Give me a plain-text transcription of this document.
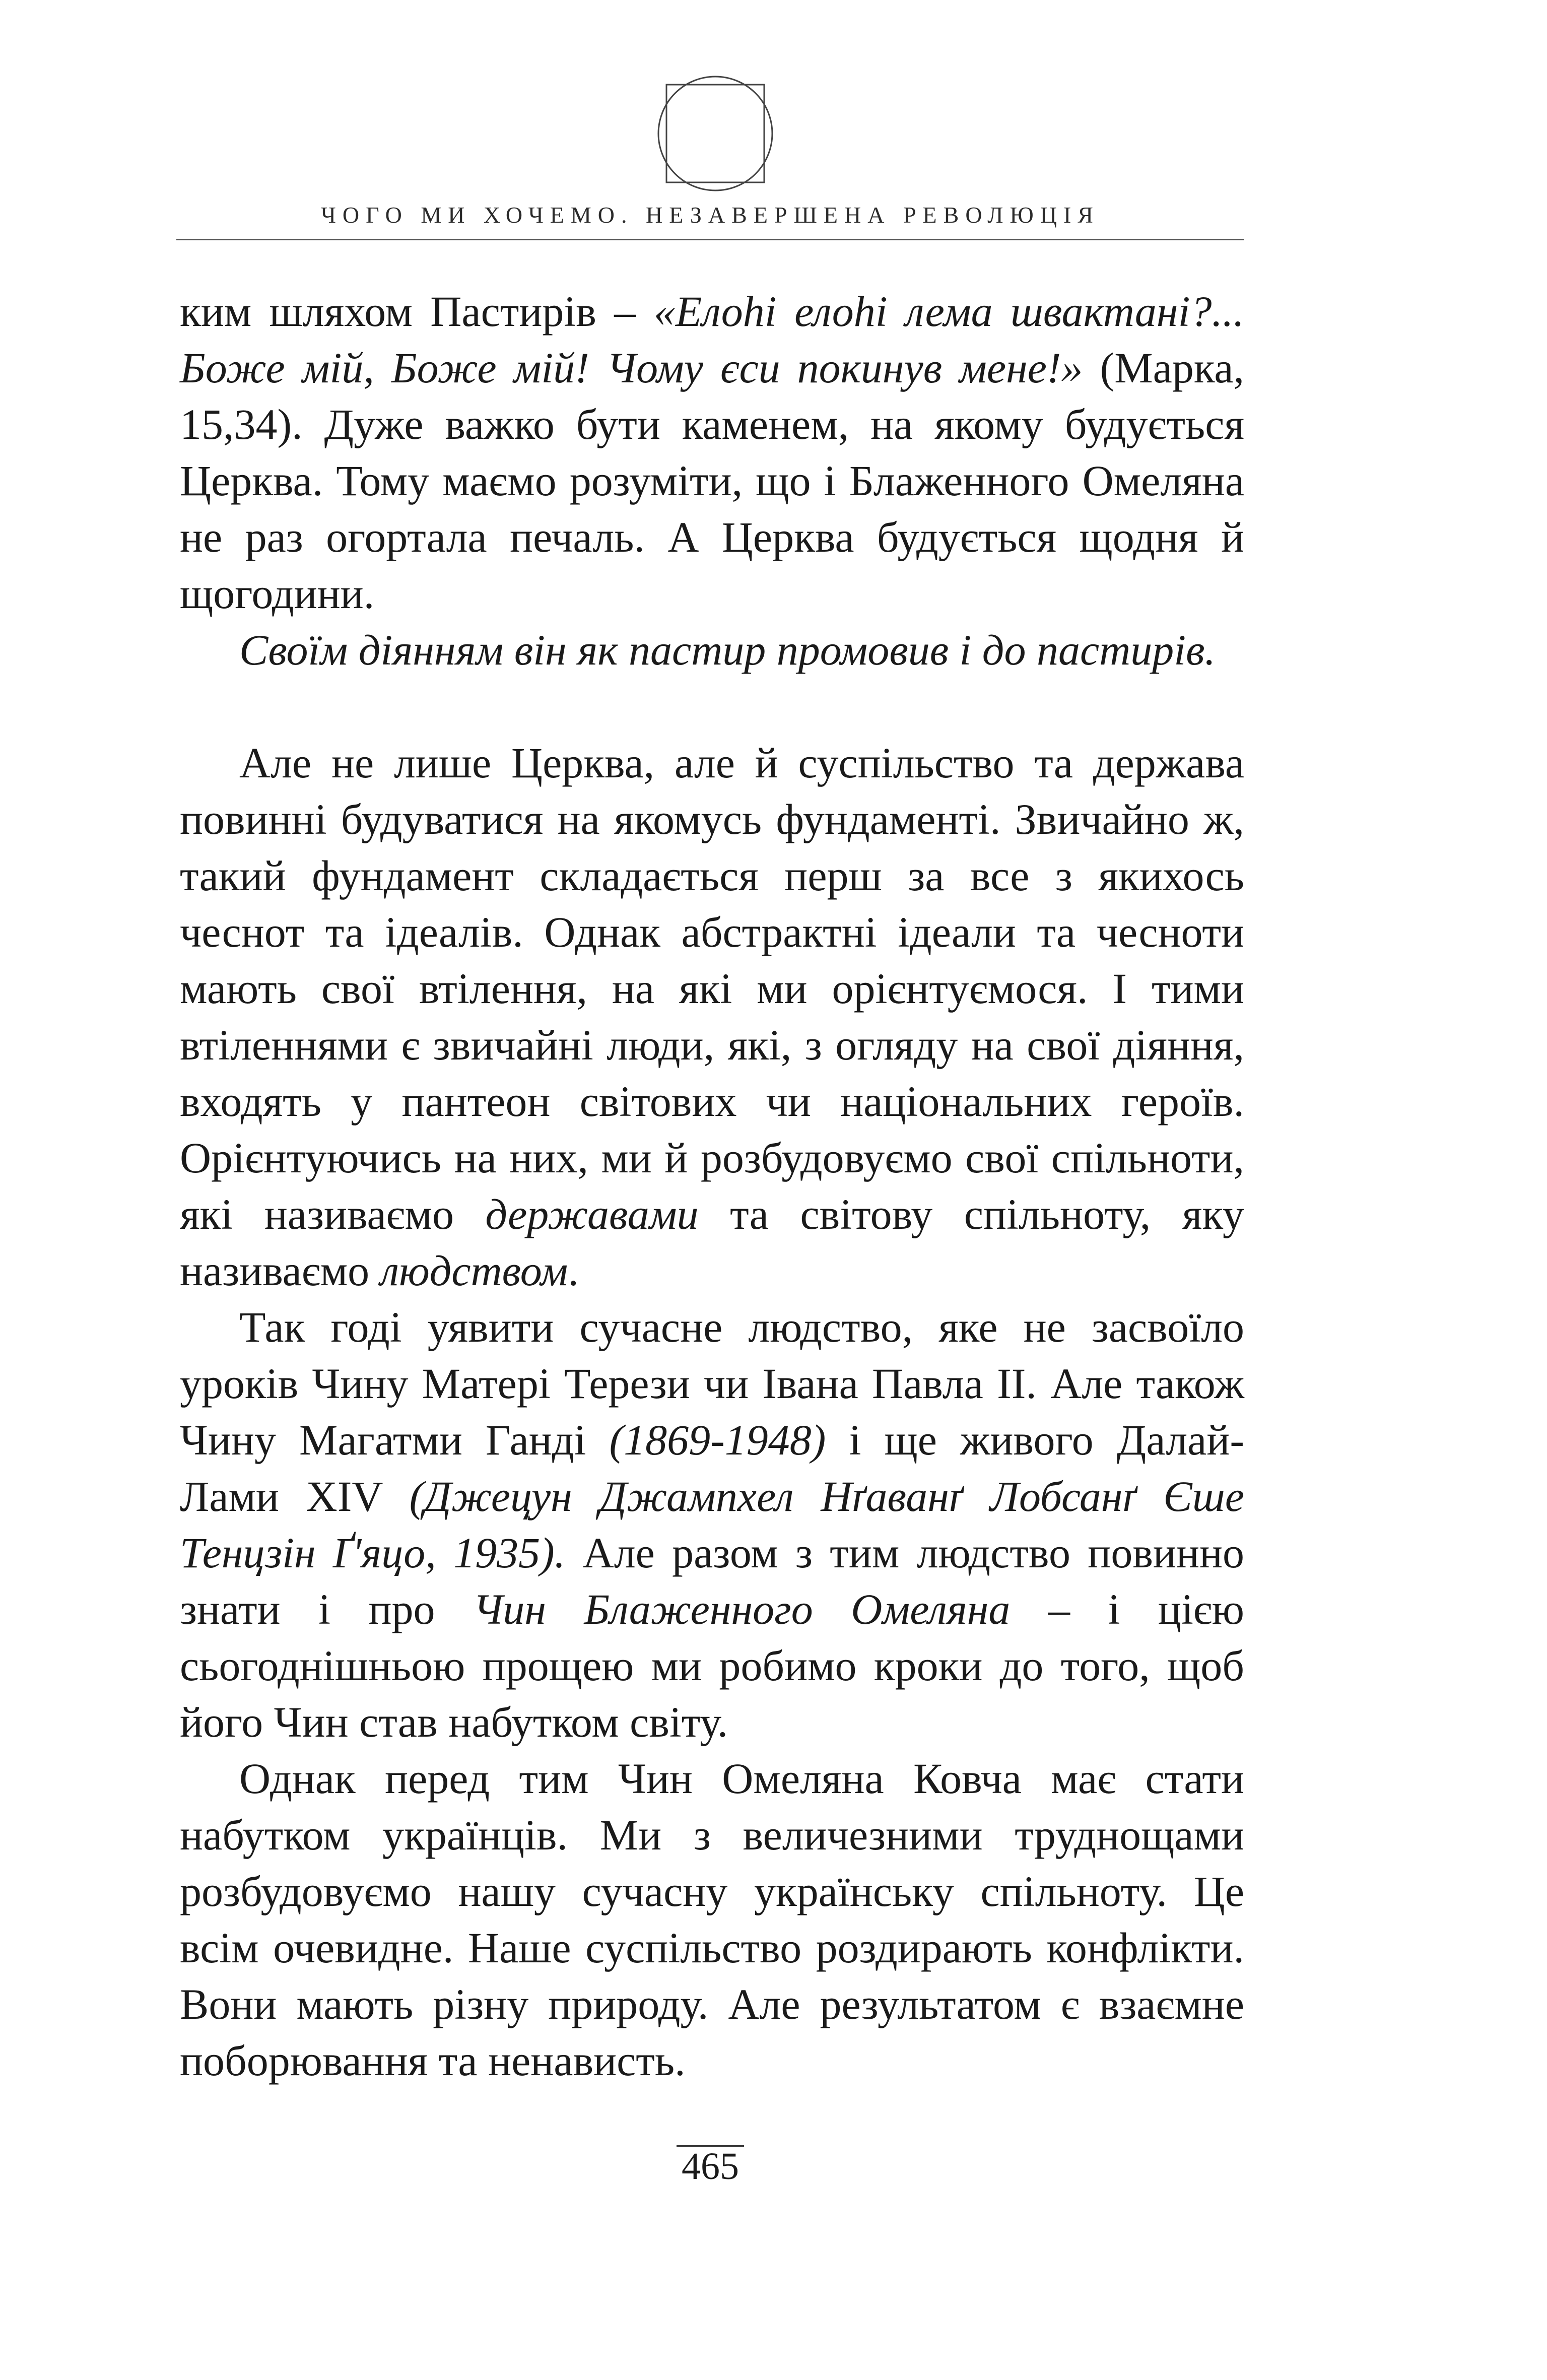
ЧОГО МИ ХОЧЕМО. НЕЗАВЕРШЕНА РЕВОЛЮЦІЯ

ким шляхом Пастирів – «Елоhі елоhі лема швактані?... Боже мій, Боже мій! Чому єси покинув мене!» (Марка, 15,34). Дуже важко бути каменем, на якому будується Церква. Тому маємо розуміти, що і Блаженного Омеляна не раз огортала печаль. А Церква будується щодня й щогодини.

Своїм діянням він як пастир промовив і до пастирів.

Але не лише Церква, але й суспільство та держава повинні будуватися на якомусь фундаменті. Звичайно ж, такий фундамент складається перш за все з якихось чеснот та ідеалів. Однак абстрактні ідеали та чесноти мають свої втілення, на які ми орієнтуємося. І тими втіленнями є звичайні люди, які, з огляду на свої діяння, входять у пантеон світових чи національних героїв. Орієнтуючись на них, ми й розбудовуємо свої спільноти, які називаємо державами та світову спільноту, яку називаємо людством.

Так годі уявити сучасне людство, яке не засвоїло уроків Чину Матері Терези чи Івана Павла ІІ. Але також Чину Магатми Ганді (1869-1948) і ще живого Далай-Лами XIV (Джецун Джампхел Нґаванґ Лобсанґ Єше Тенцзін Ґ'яцо, 1935). Але разом з тим людство повинно знати і про Чин Блаженного Омеляна – і цією сьогоднішньою прощею ми робимо кроки до того, щоб його Чин став набутком світу.

Однак перед тим Чин Омеляна Ковча має стати набутком українців. Ми з величезними труднощами розбудовуємо нашу сучасну українську спільноту. Це всім очевидне. Наше суспільство роздирають конфлікти. Вони мають різну природу. Але результатом є взаємне поборювання та ненависть.

465
